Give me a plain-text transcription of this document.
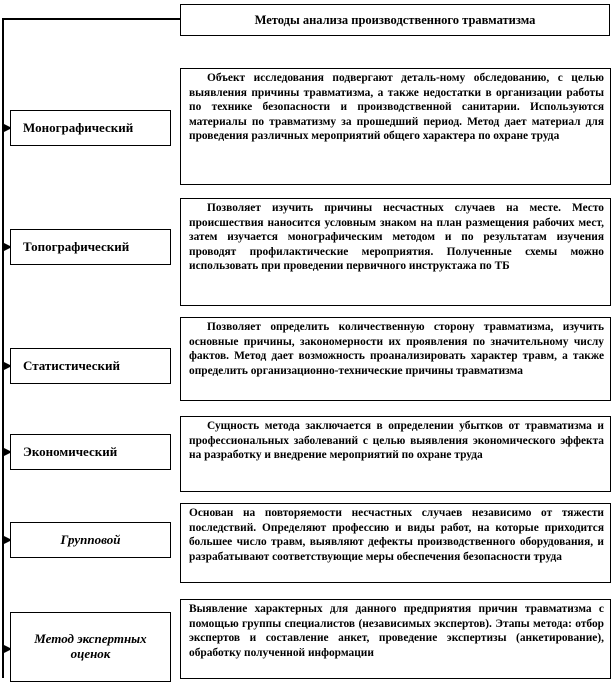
Методы анализа производственного травматизма
Монографический
Объект исследования подвергают деталь-ному обследованию, с целью выявления причины травматизма, а также недостатки в организации работы по технике безопасности и производственной санитарии. Используются материалы по травматизму за прошедший период. Метод дает материал для проведения различных мероприятий общего характера по охране труда
Топографический
Позволяет изучить причины несчастных случаев на месте. Место происшествия наносится условным знаком на план размещения рабочих мест, затем изучается монографическим методом и по результатам изучения проводят профилактические мероприятия. Полученные схемы можно использовать при проведении первичного инструктажа по ТБ
Статистический
Позволяет определить количественную сторону травматизма, изучить основные причины, закономерности их проявления по значительному числу фактов. Метод дает возможность проанализировать характер травм, а также определить организационно-технические причины травматизма
Экономический
Сущность метода заключается в определении убытков от травматизма и профессиональных заболеваний с целью выявления экономического эффекта на разработку и внедрение мероприятий по охране труда
Групповой
Основан на повторяемости несчастных случаев независимо от тяжести последствий. Определяют профессию и виды работ, на которые приходится большее число травм, выявляют дефекты производственного оборудования, и разрабатывают соответствующие меры обеспечения безопасности труда
Метод экспертных оценок
Выявление характерных для данного предприятия причин травматизма с помощью группы специалистов (независимых экспертов). Этапы метода: отбор экспертов и составление анкет, проведение экспертизы (анкетирование), обработку полученной информации
